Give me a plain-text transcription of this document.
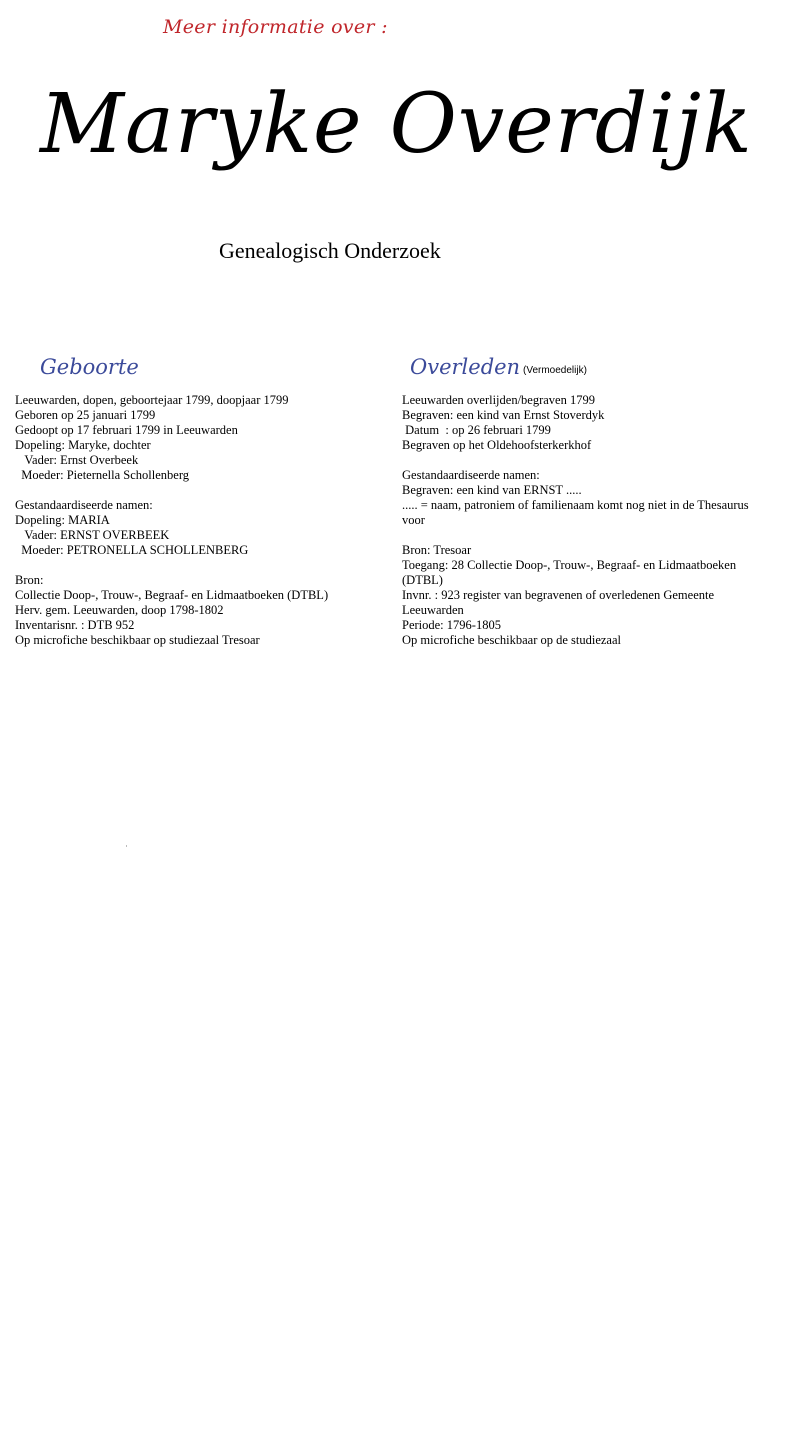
Meer informatie over :
Maryke Overdijk
Genealogisch Onderzoek
Geboorte	Overleden (Vermoedelijk)
Leeuwarden, dopen, geboortejaar 1799, doopjaar 1799
Geboren op 25 januari 1799
Gedoopt op 17 februari 1799 in Leeuwarden
Dopeling: Maryke, dochter
Vader: Ernst Overbeek
Moeder: Pieternella Schollenberg
Gestandaardiseerde namen:
Dopeling: MARIA
Vader: ERNST OVERBEEK
Moeder: PETRONELLA SCHOLLENBERG
Bron:
Collectie Doop-, Trouw-, Begraaf- en Lidmaatboeken (DTBL)
Herv. gem. Leeuwarden, doop 1798-1802
Inventarisnr. : DTB 952
Op microfiche beschikbaar op studiezaal Tresoar
Leeuwarden overlijden/begraven 1799
Begraven: een kind van Ernst Stoverdyk
Datum  : op 26 februari 1799
Begraven op het Oldehoofsterkerkhof
Gestandaardiseerde namen:
Begraven: een kind van ERNST .....
..... = naam, patroniem of familienaam komt nog niet in de Thesaurus voor
Bron: Tresoar
Toegang: 28 Collectie Doop-, Trouw-, Begraaf- en Lidmaatboeken (DTBL)
Invnr. : 923 register van begravenen of overledenen Gemeente Leeuwarden
Periode: 1796-1805
Op microfiche beschikbaar op de studiezaal
